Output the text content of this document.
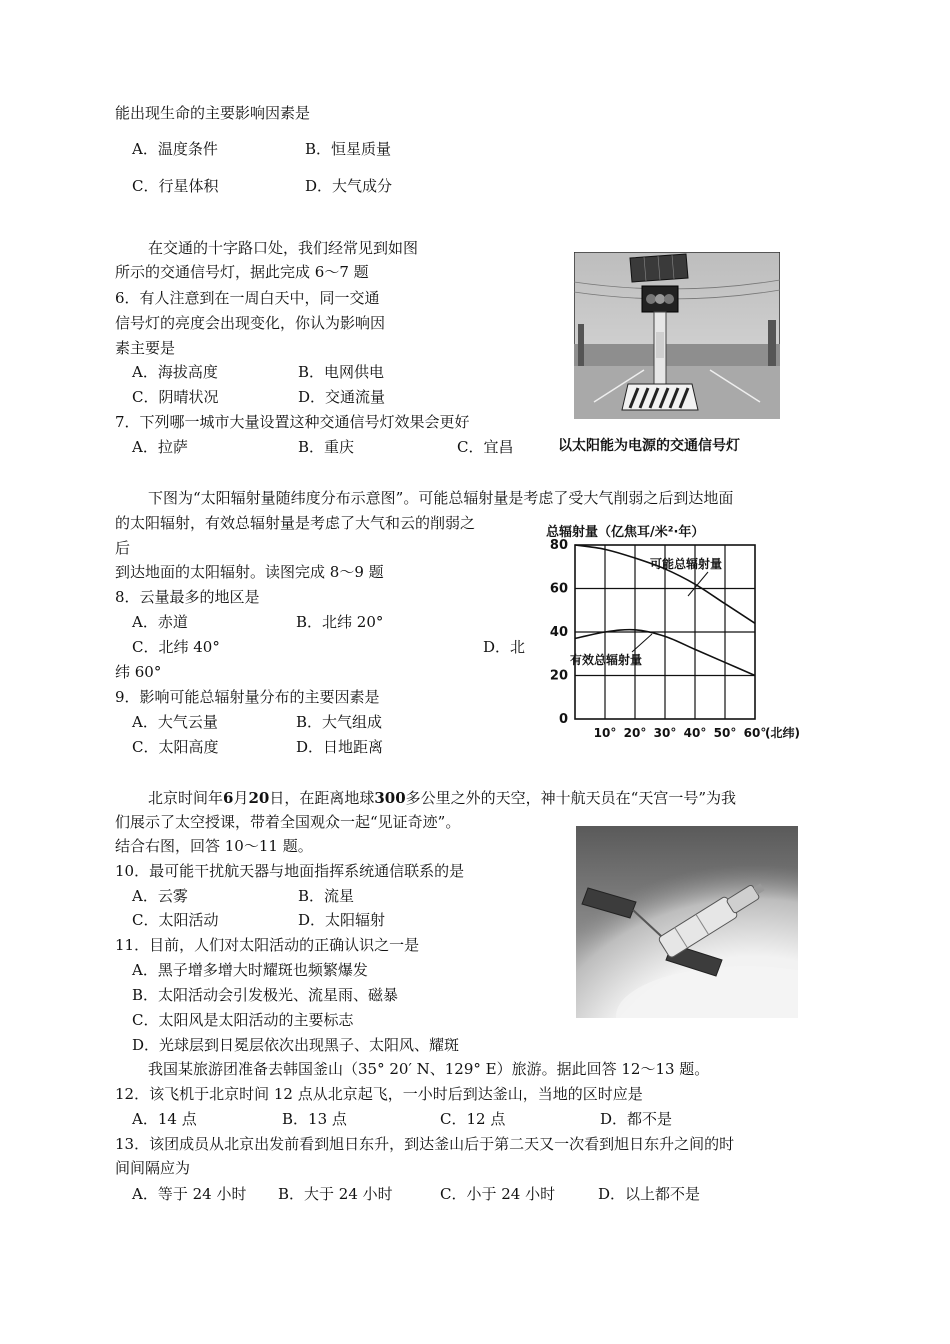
能出现生命的主要影响因素是
A．温度条件	B．恒星质量
C．行星体积	D．大气成分
在交通的十字路口处，我们经常见到如图
所示的交通信号灯，据此完成 6～7 题
6．有人注意到在一周白天中，同一交通
信号灯的亮度会出现变化，你认为影响因
素主要是
A．海拔高度	B．电网供电
C．阴晴状况	D．交通流量
7．下列哪一城市大量设置这种交通信号灯效果会更好
A．拉萨	B．重庆	C．宜昌	以太阳能为电源的交通信号灯
下图为“太阳辐射量随纬度分布示意图”。可能总辐射量是考虑了受大气削弱之后到达地面
的太阳辐射，有效总辐射量是考虑了大气和云的削弱之
后
到达地面的太阳辐射。读图完成 8～9 题
8．云量最多的地区是
A．赤道	B．北纬 20°
C．北纬 40°	D．北
纬 60°
9．影响可能总辐射量分布的主要因素是
A．大气云量	B．大气组成
C．太阳高度	D．日地距离
总辐射量（亿焦耳/米²·年）
0
20
40
60
80
10° 20° 30° 40° 50° 60°
(北纬)
可能总辐射量
有效总辐射量
北京时间年6月20日，在距离地球300多公里之外的天空，神十航天员在“天宫一号”为我
们展示了太空授课，带着全国观众一起“见证奇迹”。
结合右图，回答 10～11 题。
10．最可能干扰航天器与地面指挥系统通信联系的是
A．云雾	B．流星
C．太阳活动	D．太阳辐射
11．目前，人们对太阳活动的正确认识之一是
A．黑子增多增大时耀斑也频繁爆发
B．太阳活动会引发极光、流星雨、磁暴
C．太阳风是太阳活动的主要标志
D．光球层到日冕层依次出现黑子、太阳风、耀斑
我国某旅游团准备去韩国釜山（35° 20′ N、129° E）旅游。据此回答 12～13 题。
12．该飞机于北京时间 12 点从北京起飞，一小时后到达釜山，当地的区时应是
A．14 点	B．13 点	C．12 点	D．都不是
13．该团成员从北京出发前看到旭日东升，到达釜山后于第二天又一次看到旭日东升之间的时
间间隔应为
A．等于 24 小时 B．大于 24 小时	C．小于 24 小时	D．以上都不是
